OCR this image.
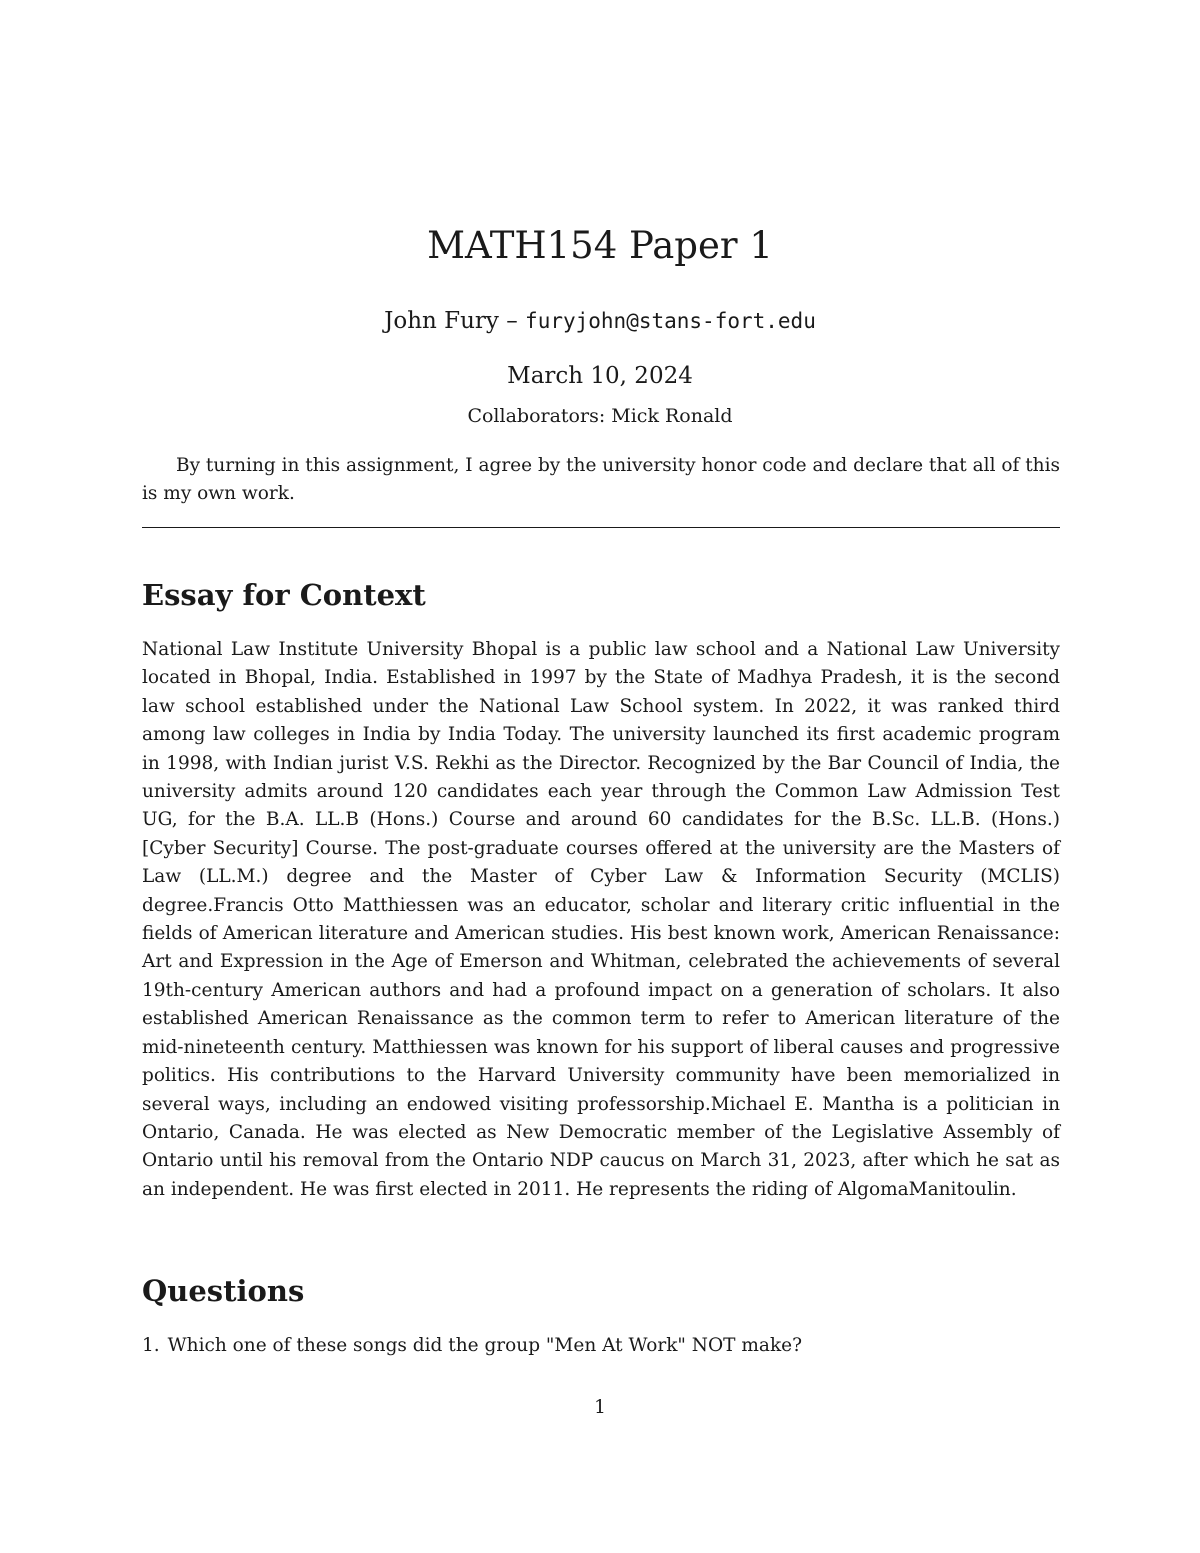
MATH154 Paper 1
John Fury – furyjohn@stans-fort.edu
March 10, 2024
Collaborators: Mick Ronald

By turning in this assignment, I agree by the university honor code and declare that all of this is my own work.

Essay for Context

National Law Institute University Bhopal is a public law school and a National Law University located in Bhopal, India. Established in 1997 by the State of Madhya Pradesh, it is the second law school established under the National Law School system. In 2022, it was ranked third among law colleges in India by India Today. The university launched its first academic program in 1998, with Indian jurist V.S. Rekhi as the Director. Recognized by the Bar Council of India, the university admits around 120 candidates each year through the Common Law Admission Test UG, for the B.A. LL.B (Hons.) Course and around 60 candidates for the B.Sc. LL.B. (Hons.) [Cyber Security] Course. The post-graduate courses offered at the university are the Masters of Law (LL.M.) degree and the Master of Cyber Law & Information Security (MCLIS) degree.Francis Otto Matthiessen was an educator, scholar and literary critic influential in the fields of American literature and American studies. His best known work, American Renaissance: Art and Expression in the Age of Emerson and Whitman, celebrated the achievements of several 19th-century American authors and had a profound impact on a generation of scholars. It also established American Renaissance as the common term to refer to American literature of the mid-nineteenth century. Matthiessen was known for his support of liberal causes and progressive politics. His contributions to the Harvard University community have been memorialized in several ways, including an endowed visiting professorship.Michael E. Mantha is a politician in Ontario, Canada. He was elected as New Democratic member of the Legislative Assembly of Ontario until his removal from the Ontario NDP caucus on March 31, 2023, after which he sat as an independent. He was first elected in 2011. He represents the riding of AlgomaManitoulin.

Questions

1. Which one of these songs did the group "Men At Work" NOT make?

1
